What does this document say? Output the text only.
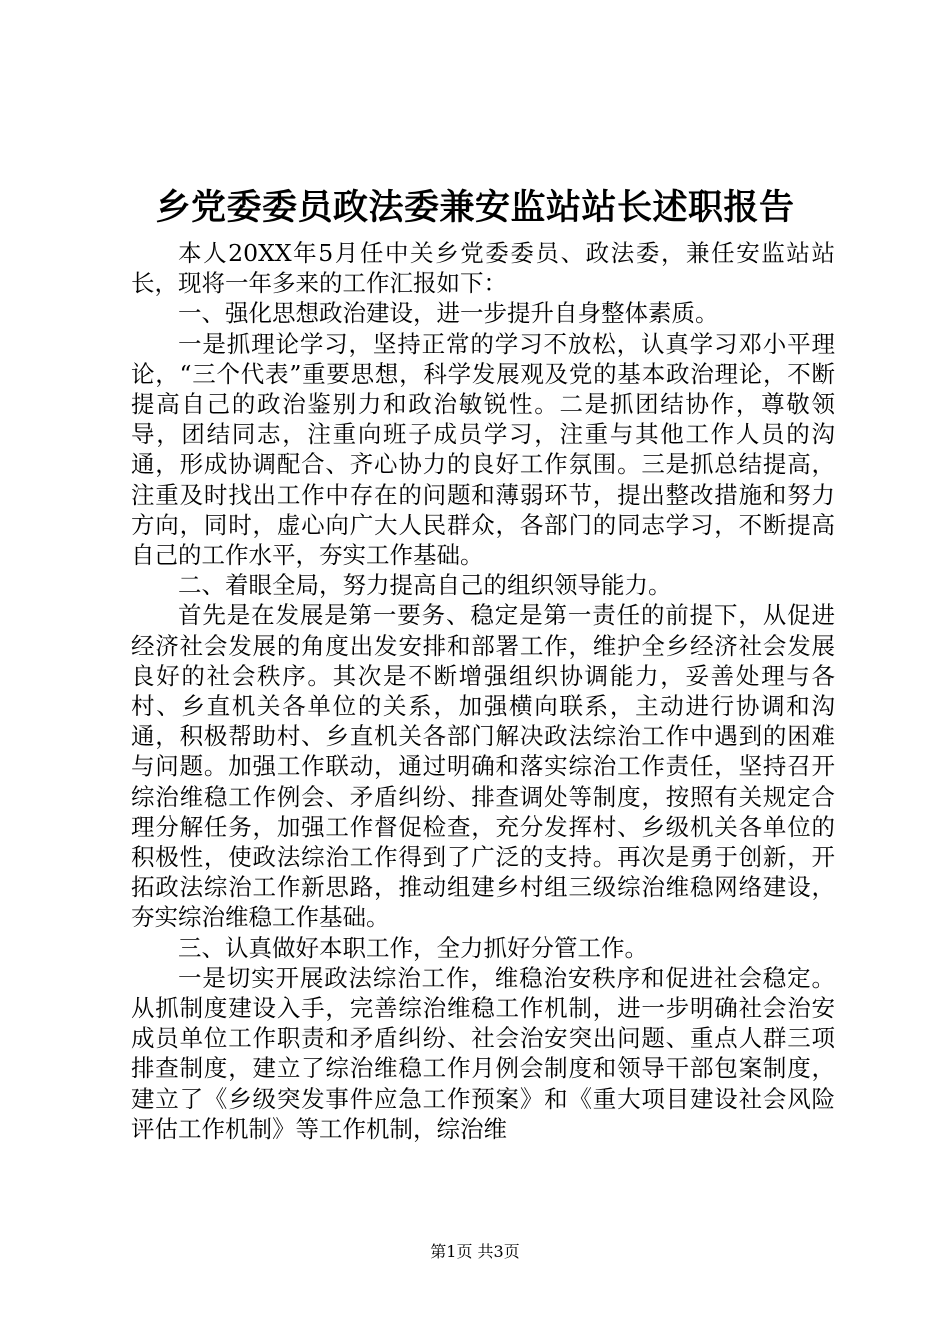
乡党委委员政法委兼安监站站长述职报告

本人20XX年5月任中关乡党委委员、政法委，兼任安监站站长，现将一年多来的工作汇报如下：

一、强化思想政治建设，进一步提升自身整体素质。

一是抓理论学习，坚持正常的学习不放松，认真学习邓小平理论，“三个代表”重要思想，科学发展观及党的基本政治理论，不断提高自己的政治鉴别力和政治敏锐性。二是抓团结协作，尊敬领导，团结同志，注重向班子成员学习，注重与其他工作人员的沟通，形成协调配合、齐心协力的良好工作氛围。三是抓总结提高，注重及时找出工作中存在的问题和薄弱环节，提出整改措施和努力方向，同时，虚心向广大人民群众，各部门的同志学习，不断提高自己的工作水平，夯实工作基础。

二、着眼全局，努力提高自己的组织领导能力。

首先是在发展是第一要务、稳定是第一责任的前提下，从促进经济社会发展的角度出发安排和部署工作，维护全乡经济社会发展良好的社会秩序。其次是不断增强组织协调能力，妥善处理与各村、乡直机关各单位的关系，加强横向联系，主动进行协调和沟通，积极帮助村、乡直机关各部门解决政法综治工作中遇到的困难与问题。加强工作联动，通过明确和落实综治工作责任，坚持召开综治维稳工作例会、矛盾纠纷、排查调处等制度，按照有关规定合理分解任务，加强工作督促检查，充分发挥村、乡级机关各单位的积极性，使政法综治工作得到了广泛的支持。再次是勇于创新，开拓政法综治工作新思路，推动组建乡村组三级综治维稳网络建设，夯实综治维稳工作基础。

三、认真做好本职工作，全力抓好分管工作。

一是切实开展政法综治工作，维稳治安秩序和促进社会稳定。从抓制度建设入手，完善综治维稳工作机制，进一步明确社会治安成员单位工作职责和矛盾纠纷、社会治安突出问题、重点人群三项排查制度，建立了综治维稳工作月例会制度和领导干部包案制度，建立了《乡级突发事件应急工作预案》和《重大项目建设社会风险评估工作机制》等工作机制，综治维

第1页 共3页
